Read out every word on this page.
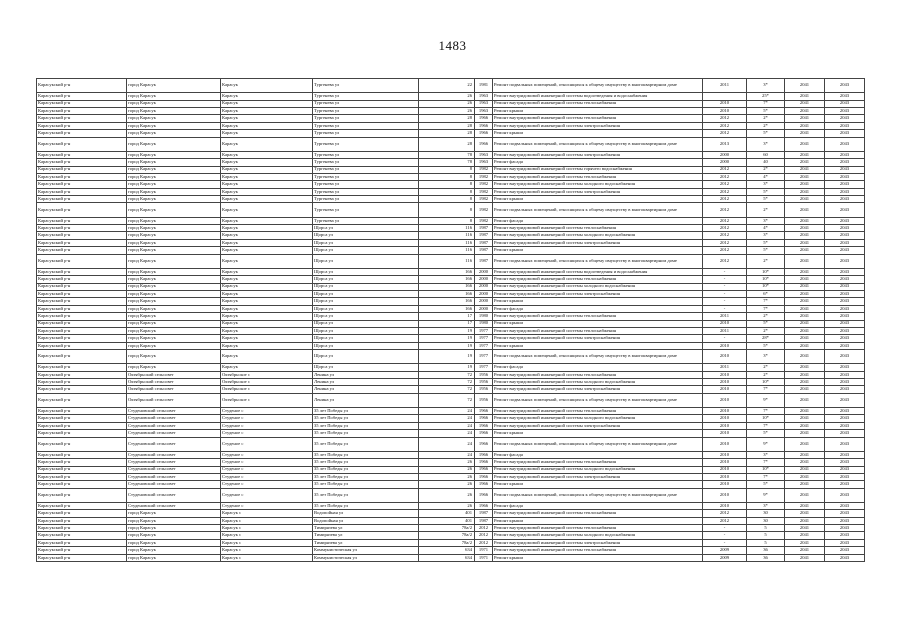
1483
Карасукский р-н	город Карасук	Карасук	Тургенева ул	22	1981	Ремонт подвальных помещений, относящихся к общему имуществу в многоквартирном доме	2011	3*	2041	2043
Карасукский р-н	город Карасук	Карасук	Тургенева ул	26	1963	Ремонт внутридомовой инженерной системы водоотведения и водоснабжения		25*	2041	2043
Карасукский р-н	город Карасук	Карасук	Тургенева ул	26	1963	Ремонт внутридомовой инженерной системы теплоснабжения	2010	7*	2041	2043
Карасукский р-н	город Карасук	Карасук	Тургенева ул	26	1963	Ремонт крыши	2010	5*	2041	2043
Карасукский р-н	город Карасук	Карасук	Тургенева ул	28	1966	Ремонт внутридомовой инженерной системы теплоснабжения	2012	2*	2041	2043
Карасукский р-н	город Карасук	Карасук	Тургенева ул	28	1966	Ремонт внутридомовой инженерной системы электроснабжения	2012	2*	2041	2043
Карасукский р-н	город Карасук	Карасук	Тургенева ул	28	1966	Ремонт крыши	2012	5*	2041	2043
Карасукский р-н	город Карасук	Карасук	Тургенева ул	28	1966	Ремонт подвальных помещений, относящихся к общему имуществу в многоквартирном доме	2013	3*	2041	2043
Карасукский р-н	город Карасук	Карасук	Тургенева ул	78	1963	Ремонт внутридомовой инженерной системы электроснабжения	2000	60	2041	2043
Карасукский р-н	город Карасук	Карасук	Тургенева ул	78	1963	Ремонт фасада	2000	40	2041	2043
Карасукский р-н	город Карасук	Карасук	Тургенева ул	8	1982	Ремонт внутридомовой инженерной системы горячего водоснабжения	2012	2*	2041	2043
Карасукский р-н	город Карасук	Карасук	Тургенева ул	8	1982	Ремонт внутридомовой инженерной системы теплоснабжения	2012	4*	2041	2043
Карасукский р-н	город Карасук	Карасук	Тургенева ул	8	1982	Ремонт внутридомовой инженерной системы холодного водоснабжения	2012	3*	2041	2043
Карасукский р-н	город Карасук	Карасук	Тургенева ул	8	1982	Ремонт внутридомовой инженерной системы электроснабжения	2012	5*	2041	2043
Карасукский р-н	город Карасук	Карасук	Тургенева ул	8	1982	Ремонт крыши	2012	5*	2041	2043
Карасукский р-н	город Карасук	Карасук	Тургенева ул	8	1982	Ремонт подвальных помещений, относящихся к общему имуществу в многоквартирном доме	2012	2*	2041	2043
Карасукский р-н	город Карасук	Карасук	Тургенева ул	8	1982	Ремонт фасада	2012	3*	2041	2043
Карасукский р-н	город Карасук	Карасук	Щорса ул	116	1987	Ремонт внутридомовой инженерной системы теплоснабжения	2012	4*	2041	2043
Карасукский р-н	город Карасук	Карасук	Щорса ул	116	1987	Ремонт внутридомовой инженерной системы холодного водоснабжения	2012	3*	2041	2043
Карасукский р-н	город Карасук	Карасук	Щорса ул	116	1987	Ремонт внутридомовой инженерной системы электроснабжения	2012	5*	2041	2043
Карасукский р-н	город Карасук	Карасук	Щорса ул	116	1987	Ремонт крыши	2012	5*	2041	2043
Карасукский р-н	город Карасук	Карасук	Щорса ул	116	1987	Ремонт подвальных помещений, относящихся к общему имуществу в многоквартирном доме	2012	2*	2041	2043
Карасукский р-н	город Карасук	Карасук	Щорса ул	166	2000	Ремонт внутридомовой инженерной системы водоотведения и водоснабжения	-	10*	2041	2043
Карасукский р-н	город Карасук	Карасук	Щорса ул	166	2000	Ремонт внутридомовой инженерной системы теплоснабжения	-	10*	2041	2043
Карасукский р-н	город Карасук	Карасук	Щорса ул	166	2000	Ремонт внутридомовой инженерной системы холодного водоснабжения	-	10*	2041	2043
Карасукский р-н	город Карасук	Карасук	Щорса ул	166	2000	Ремонт внутридомовой инженерной системы электроснабжения	-	6*	2041	2043
Карасукский р-н	город Карасук	Карасук	Щорса ул	166	2000	Ремонт крыши	-	7*	2041	2043
Карасукский р-н	город Карасук	Карасук	Щорса ул	166	2000	Ремонт фасада	-	7*	2041	2043
Карасукский р-н	город Карасук	Карасук	Щорса ул	17	1980	Ремонт внутридомовой инженерной системы теплоснабжения	2011	2*	2041	2043
Карасукский р-н	город Карасук	Карасук	Щорса ул	17	1980	Ремонт крыши	2010	5*	2041	2043
Карасукский р-н	город Карасук	Карасук	Щорса ул	19	1977	Ремонт внутридомовой инженерной системы теплоснабжения	2011	2*	2041	2043
Карасукский р-н	город Карасук	Карасук	Щорса ул	19	1977	Ремонт внутридомовой инженерной системы электроснабжения	-	28*	2041	2043
Карасукский р-н	город Карасук	Карасук	Щорса ул	19	1977	Ремонт крыши	2010	5*	2041	2043
Карасукский р-н	город Карасук	Карасук	Щорса ул	19	1977	Ремонт подвальных помещений, относящихся к общему имуществу в многоквартирном доме	2010	3*	2041	2043
Карасукский р-н	город Карасук	Карасук	Щорса ул	19	1977	Ремонт фасада	2011	2*	2041	2043
Карасукский р-н	Октябрьский сельсовет	Октябрьское с	Ленина ул	72	1956	Ремонт внутридомовой инженерной системы теплоснабжения	2010	2*	2041	2043
Карасукский р-н	Октябрьский сельсовет	Октябрьское с	Ленина ул	72	1956	Ремонт внутридомовой инженерной системы холодного водоснабжения	2010	10*	2041	2043
Карасукский р-н	Октябрьский сельсовет	Октябрьское с	Ленина ул	72	1956	Ремонт внутридомовой инженерной системы электроснабжения	2010	7*	2041	2043
Карасукский р-н	Октябрьский сельсовет	Октябрьское с	Ленина ул	72	1956	Ремонт подвальных помещений, относящихся к общему имуществу в многоквартирном доме	2010	9*	2041	2043
Карасукский р-н	Студеновский сельсовет	Студеное с	35 лет Победы ул	24	1966	Ремонт внутридомовой инженерной системы теплоснабжения	2010	7*	2041	2043
Карасукский р-н	Студеновский сельсовет	Студеное с	35 лет Победы ул	24	1966	Ремонт внутридомовой инженерной системы холодного водоснабжения	2010	10*	2041	2043
Карасукский р-н	Студеновский сельсовет	Студеное с	35 лет Победы ул	24	1966	Ремонт внутридомовой инженерной системы электроснабжения	2010	7*	2041	2043
Карасукский р-н	Студеновский сельсовет	Студеное с	35 лет Победы ул	24	1966	Ремонт крыши	2010	5*	2041	2043
Карасукский р-н	Студеновский сельсовет	Студеное с	35 лет Победы ул	24	1966	Ремонт подвальных помещений, относящихся к общему имуществу в многоквартирном доме	2010	9*	2041	2043
Карасукский р-н	Студеновский сельсовет	Студеное с	35 лет Победы ул	24	1966	Ремонт фасада	2010	3*	2041	2043
Карасукский р-н	Студеновский сельсовет	Студеное с	35 лет Победы ул	26	1966	Ремонт внутридомовой инженерной системы теплоснабжения	2010	7*	2041	2043
Карасукский р-н	Студеновский сельсовет	Студеное с	35 лет Победы ул	26	1966	Ремонт внутридомовой инженерной системы холодного водоснабжения	2010	10*	2041	2043
Карасукский р-н	Студеновский сельсовет	Студеное с	35 лет Победы ул	26	1966	Ремонт внутридомовой инженерной системы электроснабжения	2010	7*	2041	2043
Карасукский р-н	Студеновский сельсовет	Студеное с	35 лет Победы ул	26	1966	Ремонт крыши	2010	5*	2041	2043
Карасукский р-н	Студеновский сельсовет	Студеное с	35 лет Победы ул	26	1966	Ремонт подвальных помещений, относящихся к общему имуществу в многоквартирном доме	2010	9*	2041	2043
Карасукский р-н	Студеновский сельсовет	Студеное с	35 лет Победы ул	26	1966	Ремонт фасада	2010	3*	2041	2043
Карасукский р-н	город Карасук	Карасук с	Водопойная ул	401	1987	Ремонт внутридомовой инженерной системы теплоснабжения	2012	30	2041	2043
Карасукский р-н	город Карасук	Карасук с	Водопойная ул	401	1987	Ремонт крыши	2012	30	2041	2043
Карасукский р-н	город Карасук	Карасук с	Тимирязева ул	78а/2	2012	Ремонт внутридомовой инженерной системы теплоснабжения	-	5	2041	2043
Карасукский р-н	город Карасук	Карасук с	Тимирязева ул	78а/2	2012	Ремонт внутридомовой инженерной системы холодного водоснабжения	-	5	2041	2043
Карасукский р-н	город Карасук	Карасук с	Тимирязева ул	78а/2	2012	Ремонт внутридомовой инженерной системы электроснабжения	-	5	2041	2043
Карасукский р-н	город Карасук	Карасук с	Коммунистическая ул	634	1971	Ремонт внутридомовой инженерной системы теплоснабжения	2009	36	2041	2043
Карасукский р-н	город Карасук	Карасук с	Коммунистическая ул	634	1971	Ремонт крыши	2009	36	2041	2043
